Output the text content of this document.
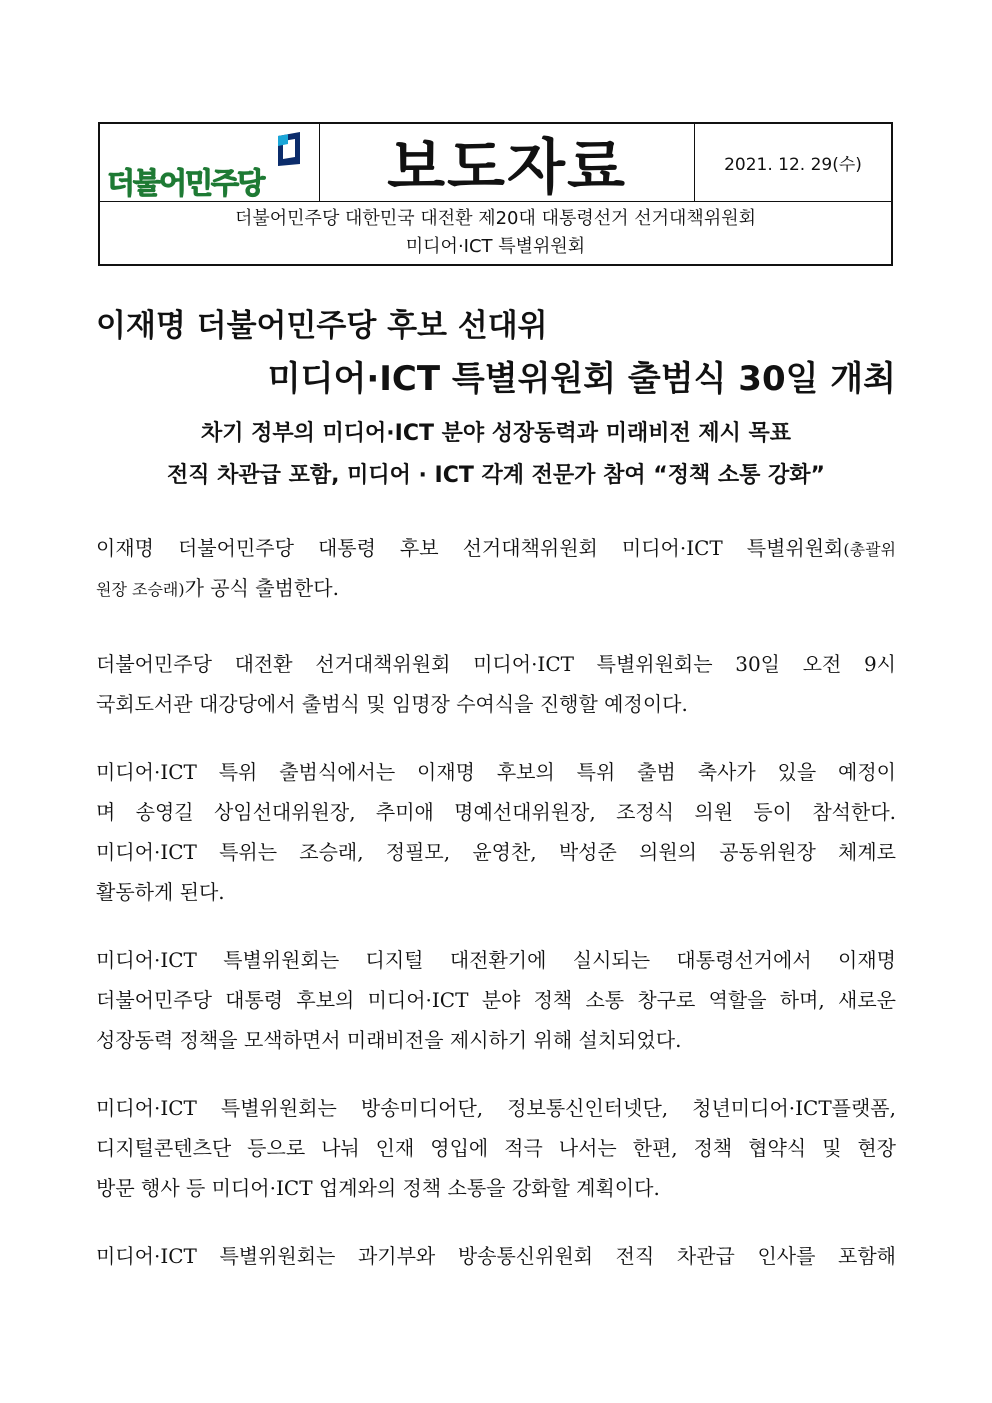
더불어민주당 보도자료	2021. 12. 29(수)
더불어민주당 대한민국 대전환 제20대 대통령선거 선거대책위원회
미디어·ICT 특별위원회
이재명 더불어민주당 후보 선대위
미디어·ICT 특별위원회 출범식 30일 개최
차기 정부의 미디어·ICT 분야 성장동력과 미래비전 제시 목표
전직 차관급 포함, 미디어 · ICT 각계 전문가 참여 “정책 소통 강화”
이재명 더불어민주당 대통령 후보 선거대책위원회 미디어·ICT 특별위원회(총괄위
원장 조승래)가 공식 출범한다.
더불어민주당 대전환 선거대책위원회 미디어·ICT 특별위원회는 30일 오전 9시
국회도서관 대강당에서 출범식 및 임명장 수여식을 진행할 예정이다.
미디어·ICT 특위 출범식에서는 이재명 후보의 특위 출범 축사가 있을 예정이
며 송영길 상임선대위원장, 추미애 명예선대위원장, 조정식 의원 등이 참석한다.
미디어·ICT 특위는 조승래, 정필모, 윤영찬, 박성준 의원의 공동위원장 체계로
활동하게 된다.
미디어·ICT 특별위원회는 디지털 대전환기에 실시되는 대통령선거에서 이재명
더불어민주당 대통령 후보의 미디어·ICT 분야 정책 소통 창구로 역할을 하며, 새로운
성장동력 정책을 모색하면서 미래비전을 제시하기 위해 설치되었다.
미디어·ICT 특별위원회는 방송미디어단, 정보통신인터넷단, 청년미디어·ICT플랫폼,
디지털콘텐츠단 등으로 나눠 인재 영입에 적극 나서는 한편, 정책 협약식 및 현장
방문 행사 등 미디어·ICT 업계와의 정책 소통을 강화할 계획이다.
미디어·ICT 특별위원회는 과기부와 방송통신위원회 전직 차관급 인사를 포함해
